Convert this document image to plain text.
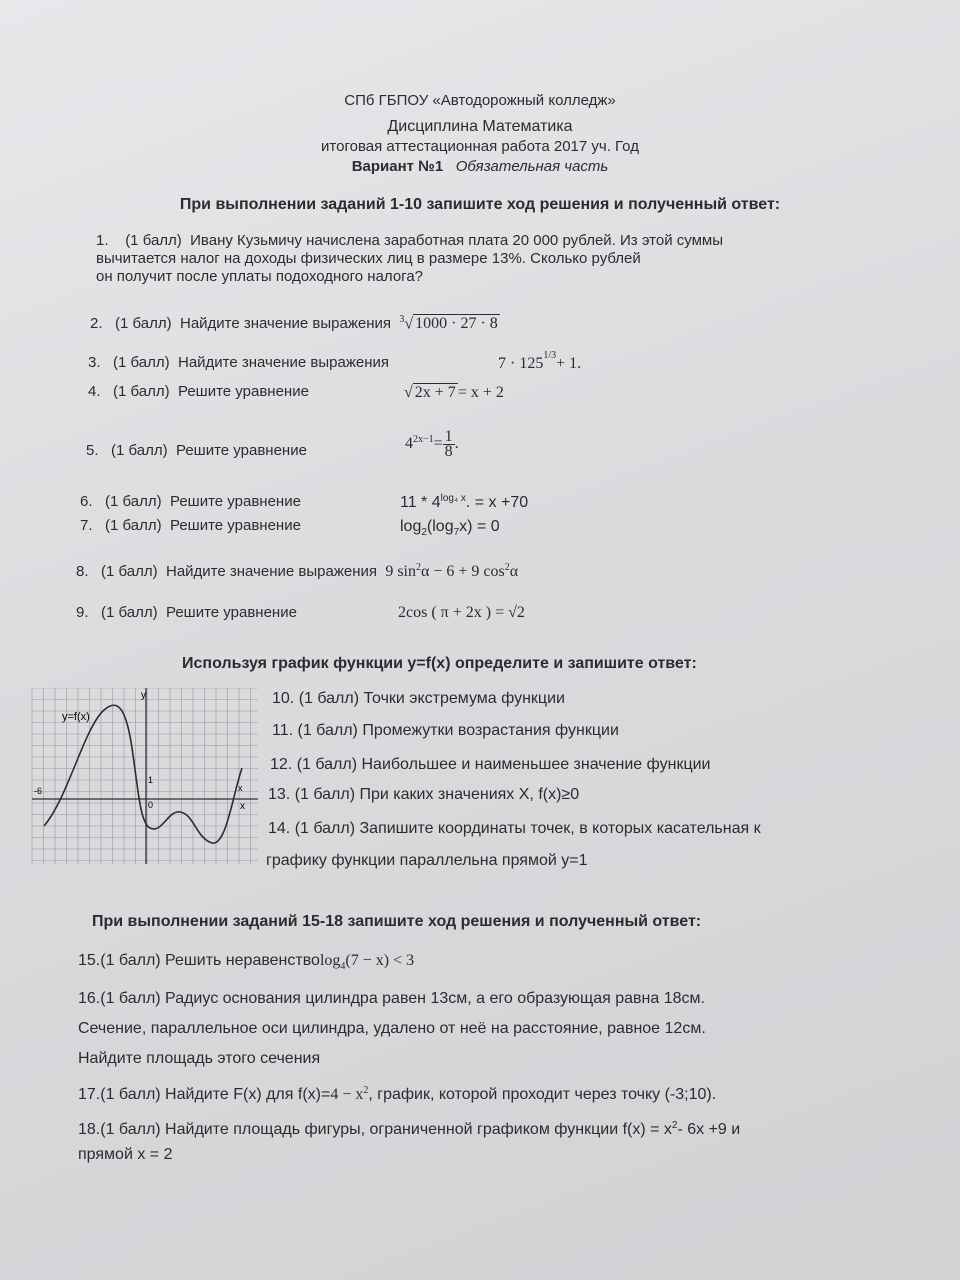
СПб ГБПОУ «Автодорожный колледж»
Дисциплина Математика
итоговая аттестационная работа 2017 уч. Год
Вариант №1 Обязательная часть
При выполнении заданий 1-10 запишите ход решения и полученный ответ:
1. (1 балл) Ивану Кузьмичу начислена заработная плата 20 000 рублей. Из этой суммы
вычитается налог на доходы физических лиц в размере 13%. Сколько рублей
он получит после уплаты подоходного налога?
2. (1 балл) Найдите значение выражения $^3$√ 1000 · 27 · 8
3. (1 балл) Найдите значение выражения	$7 \cdot 125^{1/3}+ 1$.
4. (1 балл) Решите уравнение	√ 2x + 7= x + 2
5. (1 балл) Решите уравнение	$4^{2x-1}= \frac{1}{8}$ .
6. (1 балл) Решите уравнение	$11 * 4^{log_4 x}$. = x +70
7. (1 балл) Решите уравнение	$\log_2(\log_7x) = 0$
8. (1 балл) Найдите значение выражения 9 $\sin^2\alpha - 6 + 9$ $\cos^2\alpha$
9. (1 балл) Решите уравнение	2cos ( π + 2x ) = √2
Используя график функции y=f(x) определите и запишите ответ:
y
y=f(x)
1
0
x
x
-6
10. (1 балл) Точки экстремума функции
11. (1 балл) Промежутки возрастания функции
12. (1 балл) Наибольшее и наименьшее значение функции
13. (1 балл) При каких значениях Х, f(x)≥0
14. (1 балл) Запишите координаты точек, в которых касательная к
графику функции параллельна прямой y=1
При выполнении заданий 15-18 запишите ход решения и полученный ответ:
15.(1 балл) Решить неравенствоlog$_4$(7 − x) < 3
16.(1 балл) Радиус основания цилиндра равен 13см, а его образующая равна 18см.
Сечение, параллельное оси цилиндра, удалено от неё на расстояние, равное 12см.
Найдите площадь этого сечения
17.(1 балл) Найдите F(x) для $f(x)=4 - x^2$, график, которой проходит через точку (-3;10).
18.(1 балл) Найдите площадь фигуры, ограниченной графиком функции $f(x) = x^2-$ 6x +9 и
прямой x = 2
